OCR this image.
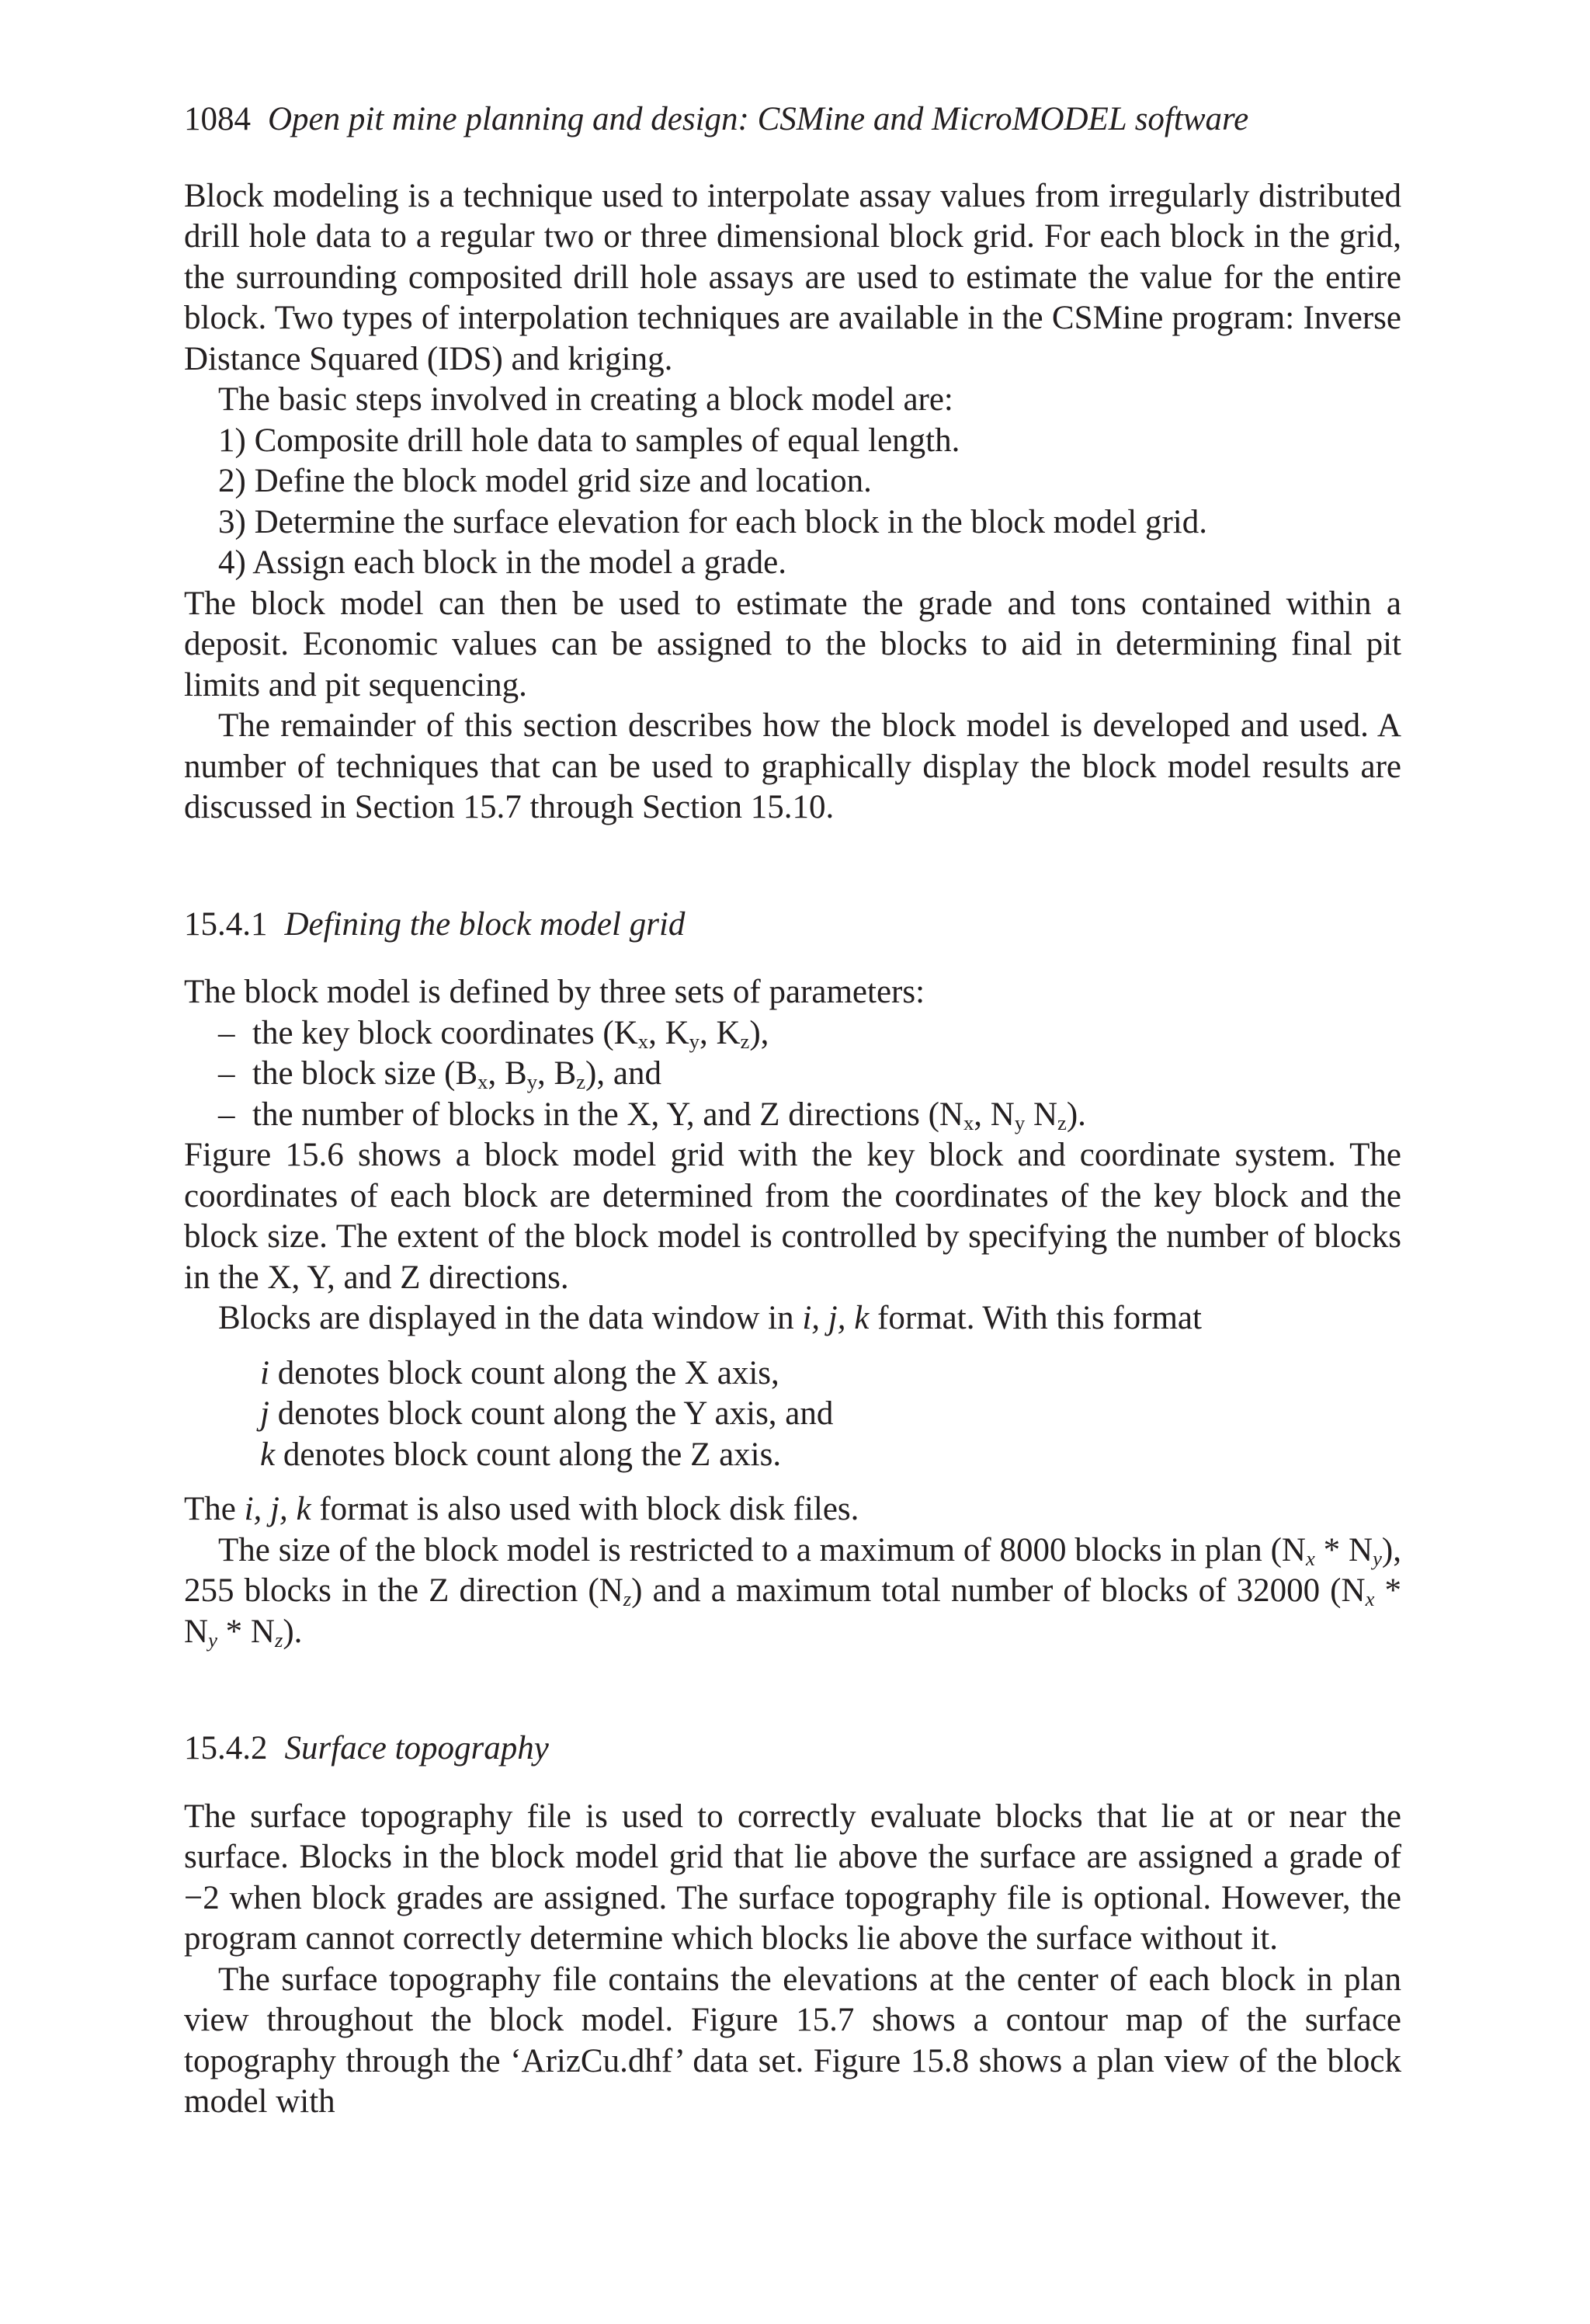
1084 Open pit mine planning and design: CSMine and MicroMODEL software

Block modeling is a technique used to interpolate assay values from irregularly distributed drill hole data to a regular two or three dimensional block grid. For each block in the grid, the surrounding composited drill hole assays are used to estimate the value for the entire block. Two types of interpolation techniques are available in the CSMine program: Inverse Distance Squared (IDS) and kriging.

The basic steps involved in creating a block model are:

1) Composite drill hole data to samples of equal length.
2) Define the block model grid size and location.
3) Determine the surface elevation for each block in the block model grid.
4) Assign each block in the model a grade.

The block model can then be used to estimate the grade and tons contained within a deposit. Economic values can be assigned to the blocks to aid in determining final pit limits and pit sequencing.

The remainder of this section describes how the block model is developed and used. A number of techniques that can be used to graphically display the block model results are discussed in Section 15.7 through Section 15.10.

15.4.1 Defining the block model grid

The block model is defined by three sets of parameters:

– the key block coordinates ($K_x$, $K_y$, $K_z$),
– the block size ($B_x$, $B_y$, $B_z$), and
– the number of blocks in the X, Y, and Z directions ($N_x$, $N_y$ $N_z$).

Figure 15.6 shows a block model grid with the key block and coordinate system. The coordinates of each block are determined from the coordinates of the key block and the block size. The extent of the block model is controlled by specifying the number of blocks in the X, Y, and Z directions.

Blocks are displayed in the data window in i, j, k format. With this format

i denotes block count along the X axis,
j denotes block count along the Y axis, and
k denotes block count along the Z axis.

The i, j, k format is also used with block disk files.

The size of the block model is restricted to a maximum of 8000 blocks in plan $(N_x * N_y)$, 255 blocks in the Z direction $(N_z)$ and a maximum total number of blocks of 32000 $(N_x * N_y * N_z)$.

15.4.2 Surface topography

The surface topography file is used to correctly evaluate blocks that lie at or near the surface. Blocks in the block model grid that lie above the surface are assigned a grade of −2 when block grades are assigned. The surface topography file is optional. However, the program cannot correctly determine which blocks lie above the surface without it.

The surface topography file contains the elevations at the center of each block in plan view throughout the block model. Figure 15.7 shows a contour map of the surface topography through the ‘ArizCu.dhf’ data set. Figure 15.8 shows a plan view of the block model with
